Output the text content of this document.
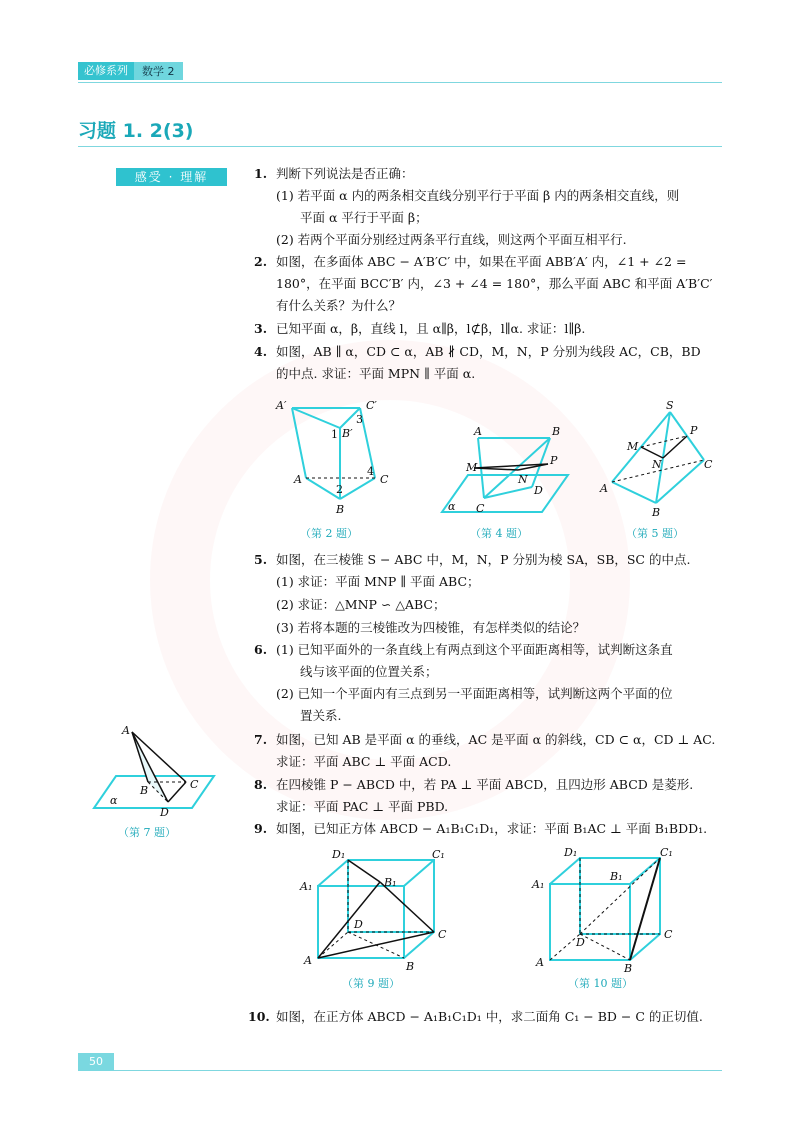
必修系列	数学 2
习题 1. 2(3)
感受 · 理解	1. 判断下列说法是否正确：
(1) 若平面 α 内的两条相交直线分别平行于平面 β 内的两条相交直线，则
平面 α 平行于平面 β；
(2) 若两个平面分别经过两条平行直线，则这两个平面互相平行.
2. 如图，在多面体 ABC − A′B′C′ 中，如果在平面 ABB′A′ 内，∠1 + ∠2 =
180°，在平面 BCC′B′ 内，∠3 + ∠4 = 180°，那么平面 ABC 和平面 A′B′C′
有什么关系？为什么？
3. 已知平面 α，β，直线 l，且 α∥β，l⊄β，l∥α. 求证：l∥β.
4. 如图，AB ∥ α，CD ⊂ α，AB ∦ CD，M，N，P 分别为线段 AC，CB，BD
的中点. 求证：平面 MPN ∥ 平面 α.
A′	C′
B′
A	C
B
1
2
3
4
（第 2 题）
A	B
M
P
N
D
C
α
（第 4 题）
S
M
P
N
A
C
B
（第 5 题）
5. 如图，在三棱锥 S − ABC 中，M，N，P 分别为棱 SA，SB，SC 的中点.
(1) 求证：平面 MNP ∥ 平面 ABC；
(2) 求证：△MNP ∽ △ABC；
(3) 若将本题的三棱锥改为四棱锥，有怎样类似的结论？
6. (1) 已知平面外的一条直线上有两点到这个平面距离相等，试判断这条直
线与该平面的位置关系；
(2) 已知一个平面内有三点到另一平面距离相等，试判断这两个平面的位
置关系.
A
B	C
D
α
（第 7 题）
7. 如图，已知 AB 是平面 α 的垂线，AC 是平面 α 的斜线，CD ⊂ α，CD ⊥ AC.
求证：平面 ABC ⊥ 平面 ACD.
8. 在四棱锥 P − ABCD 中，若 PA ⊥ 平面 ABCD，且四边形 ABCD 是菱形.
求证：平面 PAC ⊥ 平面 PBD.
9. 如图，已知正方体 ABCD − A₁B₁C₁D₁，求证：平面 B₁AC ⊥ 平面 B₁BDD₁.
D₁	C₁
A₁	B₁
D
C
A	B
（第 9 题）
D₁	C₁
A₁
B₁
D
C
A	B
（第 10 题）
10. 如图，在正方体 ABCD − A₁B₁C₁D₁ 中，求二面角 C₁ − BD − C 的正切值.
50
